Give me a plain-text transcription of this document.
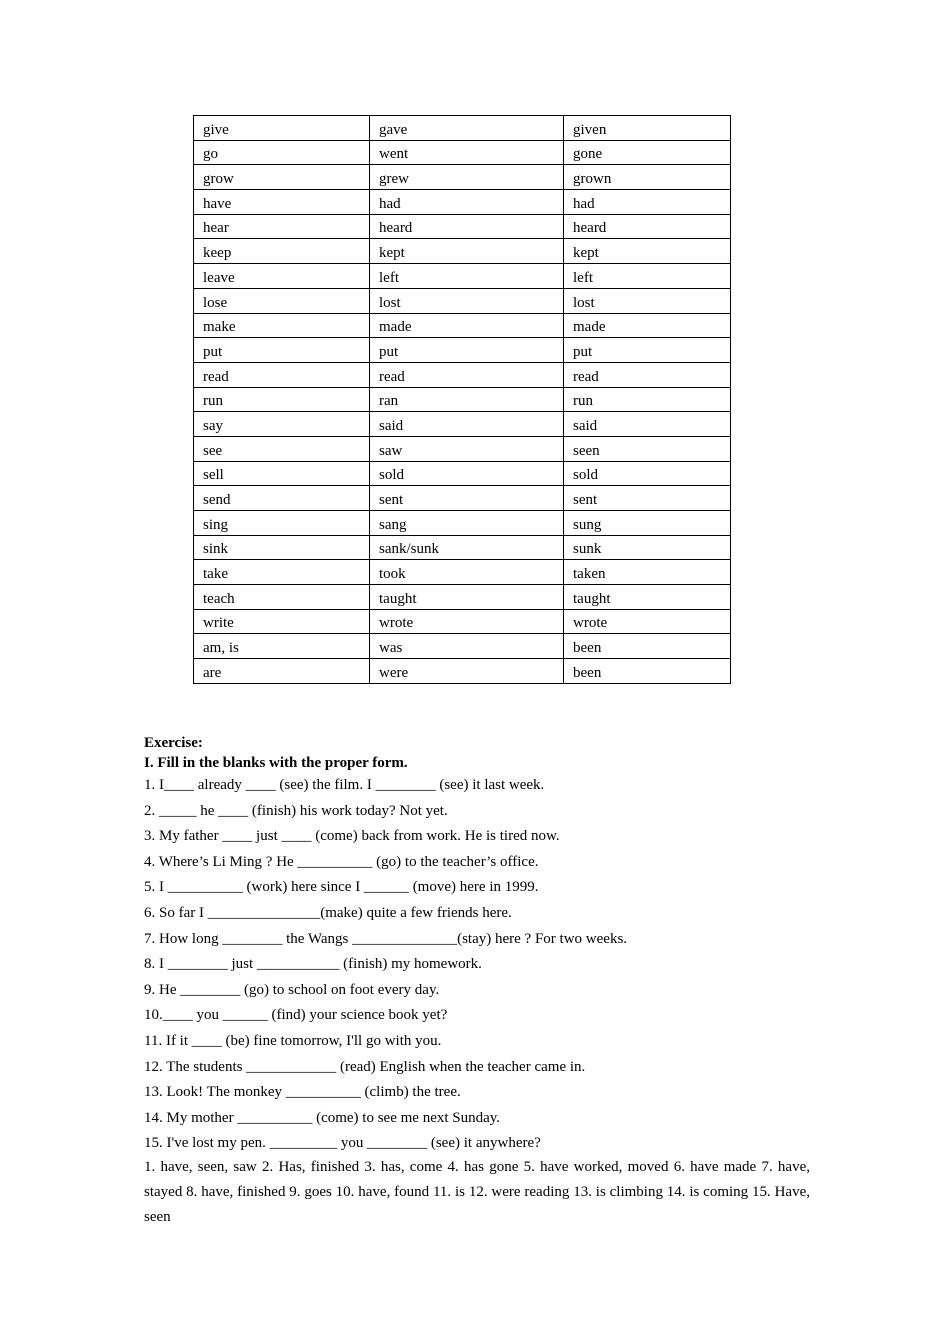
give	gave	given
go	went	gone
grow	grew	grown
have	had	had
hear	heard	heard
keep	kept	kept
leave	left	left
lose	lost	lost
make	made	made
put	put	put
read	read	read
run	ran	run
say	said	said
see	saw	seen
sell	sold	sold
send	sent	sent
sing	sang	sung
sink	sank/sunk	sunk
take	took	taken
teach	taught	taught
write	wrote	wrote
am, is	was	been
are	were	been
Exercise:
I. Fill in the blanks with the proper form.
1. I____ already ____ (see) the film. I ________ (see) it last week.
2. _____ he ____ (finish) his work today? Not yet.
3. My father ____ just ____ (come) back from work. He is tired now.
4. Where’s Li Ming ? He __________ (go) to the teacher’s office.
5. I __________ (work) here since I ______ (move) here in 1999.
6. So far I _______________(make) quite a few friends here.
7. How long ________ the Wangs ______________(stay) here ? For two weeks.
8. I ________ just ___________ (finish) my homework.
9. He ________ (go) to school on foot every day.
10.____ you ______ (find) your science book yet?
11. If it ____ (be) fine tomorrow, I'll go with you.
12. The students ____________ (read) English when the teacher came in.
13. Look! The monkey __________ (climb) the tree.
14. My mother __________ (come) to see me next Sunday.
15. I've lost my pen. _________ you ________ (see) it anywhere?
1. have, seen, saw 2. Has, finished 3. has, come 4. has gone 5. have worked, moved 6. have made 7. have, stayed 8. have, finished 9. goes 10. have, found 11. is 12. were reading 13. is climbing 14. is coming 15. Have, seen
